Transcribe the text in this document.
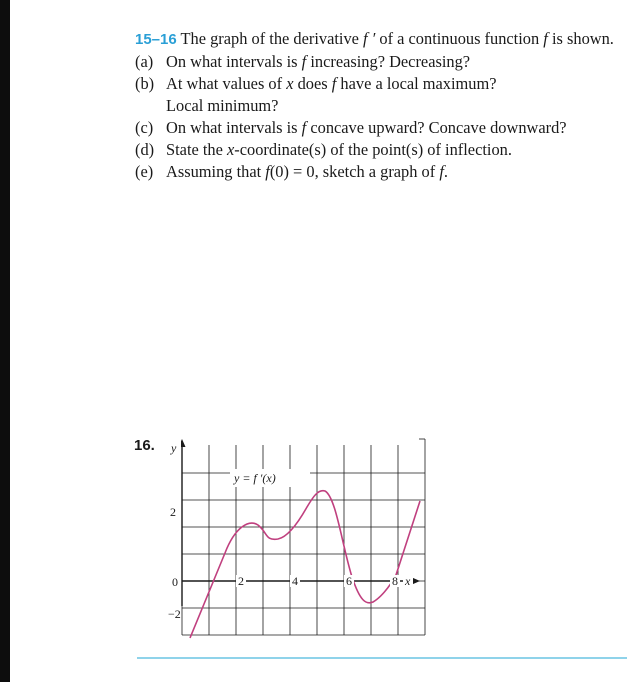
15–16 The graph of the derivative f ′ of a continuous function f is shown.

(a) On what intervals is f increasing? Decreasing?
(b) At what values of x does f have a local maximum?
Local minimum?
(c) On what intervals is f concave upward? Concave downward?
(d) State the x-coordinate(s) of the point(s) of inflection.
(e) Assuming that f(0) = 0, sketch a graph of f.
16.
0
2
−2
2	4	6	8 x
y
y = f ′(x)
